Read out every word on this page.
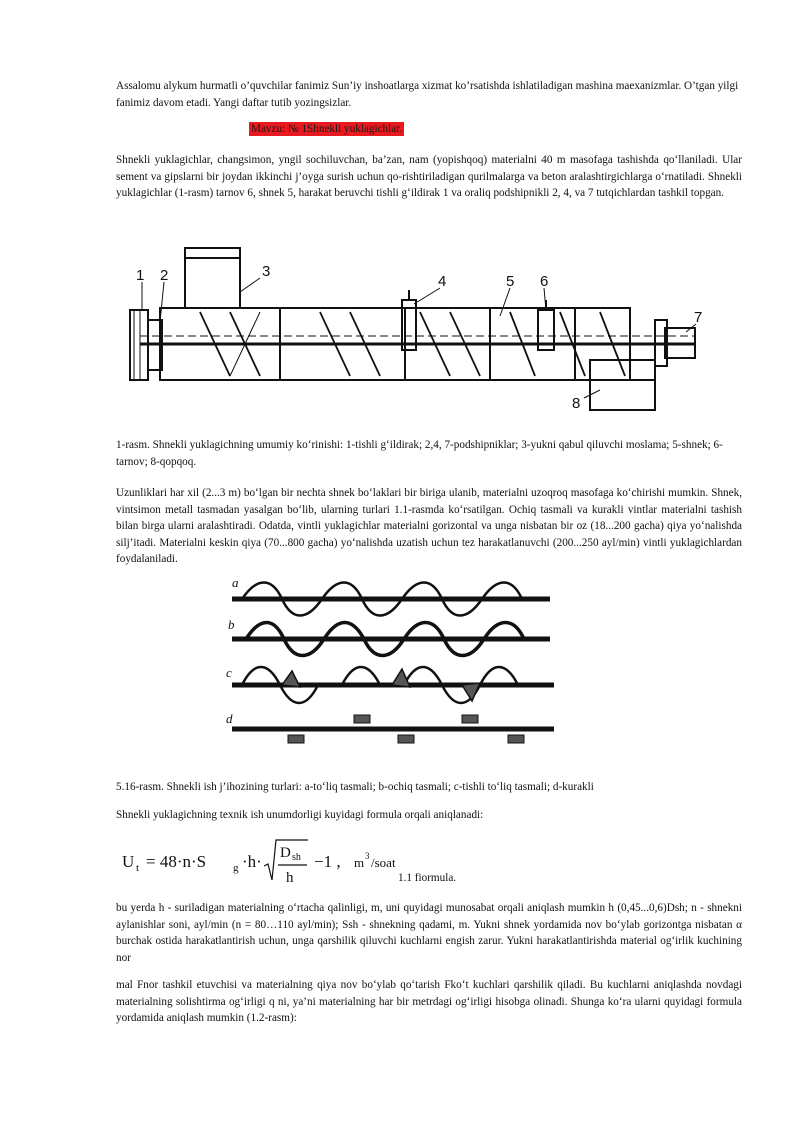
Assalomu alykum hurmatli o’quvchilar fanimiz Sun’iy inshoatlarga xizmat ko’rsatishda ishlatiladigan mashina maexanizmlar. O’tgan yilgi fanimiz davom etadi. Yangi daftar tutib yozingsizlar.

Mavzu: № 1Shnekli yuklagichlar.

Shnekli yuklagichlar, changsimon, yngil sochiluvchan, ba’zan, nam (yopishqoq) materialni 40 m masofaga tashishda qo‘llaniladi. Ular sement va gipslarni bir joydan ikkinchi j’oyga surish uchun qo-rishtiriladigan qurilmalarga va beton aralashtirgichlarga o‘rnatiladi. Shnekli yuklagichlar (1-rasm) tarnov 6, shnek 5, harakat beruvchi tishli g‘ildirak 1 va oraliq podshipnikli 2, 4, va 7 tutqichlardan tashkil topgan.

1 2	3
4	5 6
7
8

1-rasm. Shnekli yuklagichning umumiy ko‘rinishi: 1-tishli g‘ildirak; 2,4, 7-podshipniklar; 3-yukni qabul qiluvchi moslama; 5-shnek; 6-tarnov; 8-qopqoq.

Uzunliklari har xil (2...3 m) bo‘lgan bir nechta shnek bo‘laklari bir biriga ulanib, materialni uzoqroq masofaga ko‘chirishi mumkin. Shnek, vintsimon metall tasmadan yasalgan bo‘lib, ularning turlari 1.1-rasmda ko‘rsatilgan. Ochiq tasmali va kurakli vintlar materialni tashish bilan birga ularni aralashtiradi. Odatda, vintli yuklagichlar materialni gorizontal va unga nisbatan bir oz (18...200 gacha) qiya yo‘nalishda silj’itadi. Materialni keskin qiya (70...800 gacha) yo‘nalishda uzatish uchun tez harakatlanuvchi (200...250 ayl/min) vintli yuklagichlardan foydalaniladi.

a
b
c
d

5.16-rasm. Shnekli ish j’ihozining turlari: a-to‘liq tasmali; b-ochiq tasmali; c-tishli to‘liq tasmali; d-kurakli

Shnekli yuklagichning texnik ish unumdorligi kuyidagi formula orqali aniqlanadi:

U t = 48·n·S g ·h· D sh
h
−1 , m 3 /soat
1.1 fiormula.

bu yerda h - suriladigan materialning o‘rtacha qalinligi, m, uni quyidagi munosabat orqali aniqlash mumkin h (0,45...0,6)Dsh; n - shnekni aylanishlar soni, ayl/min (n = 80…110 ayl/min); Ssh - shnekning qadami, m. Yukni shnek yordamida nov bo‘ylab gorizontga nisbatan α burchak ostida harakatlantirish uchun, unga qarshilik qiluvchi kuchlarni engish zarur. Yukni harakatlantirishda material og‘irlik kuchining nor

mal Fnor tashkil etuvchisi va materialning qiya nov bo‘ylab qo‘tarish Fko‘t kuchlari qarshilik qiladi. Bu kuchlarni aniqlashda novdagi materialning solishtirma og‘irligi q ni, ya’ni materialning har bir metrdagi og‘irligi hisobga olinadi. Shunga ko‘ra ularni quyidagi formula yordamida aniqlash mumkin (1.2-rasm):
